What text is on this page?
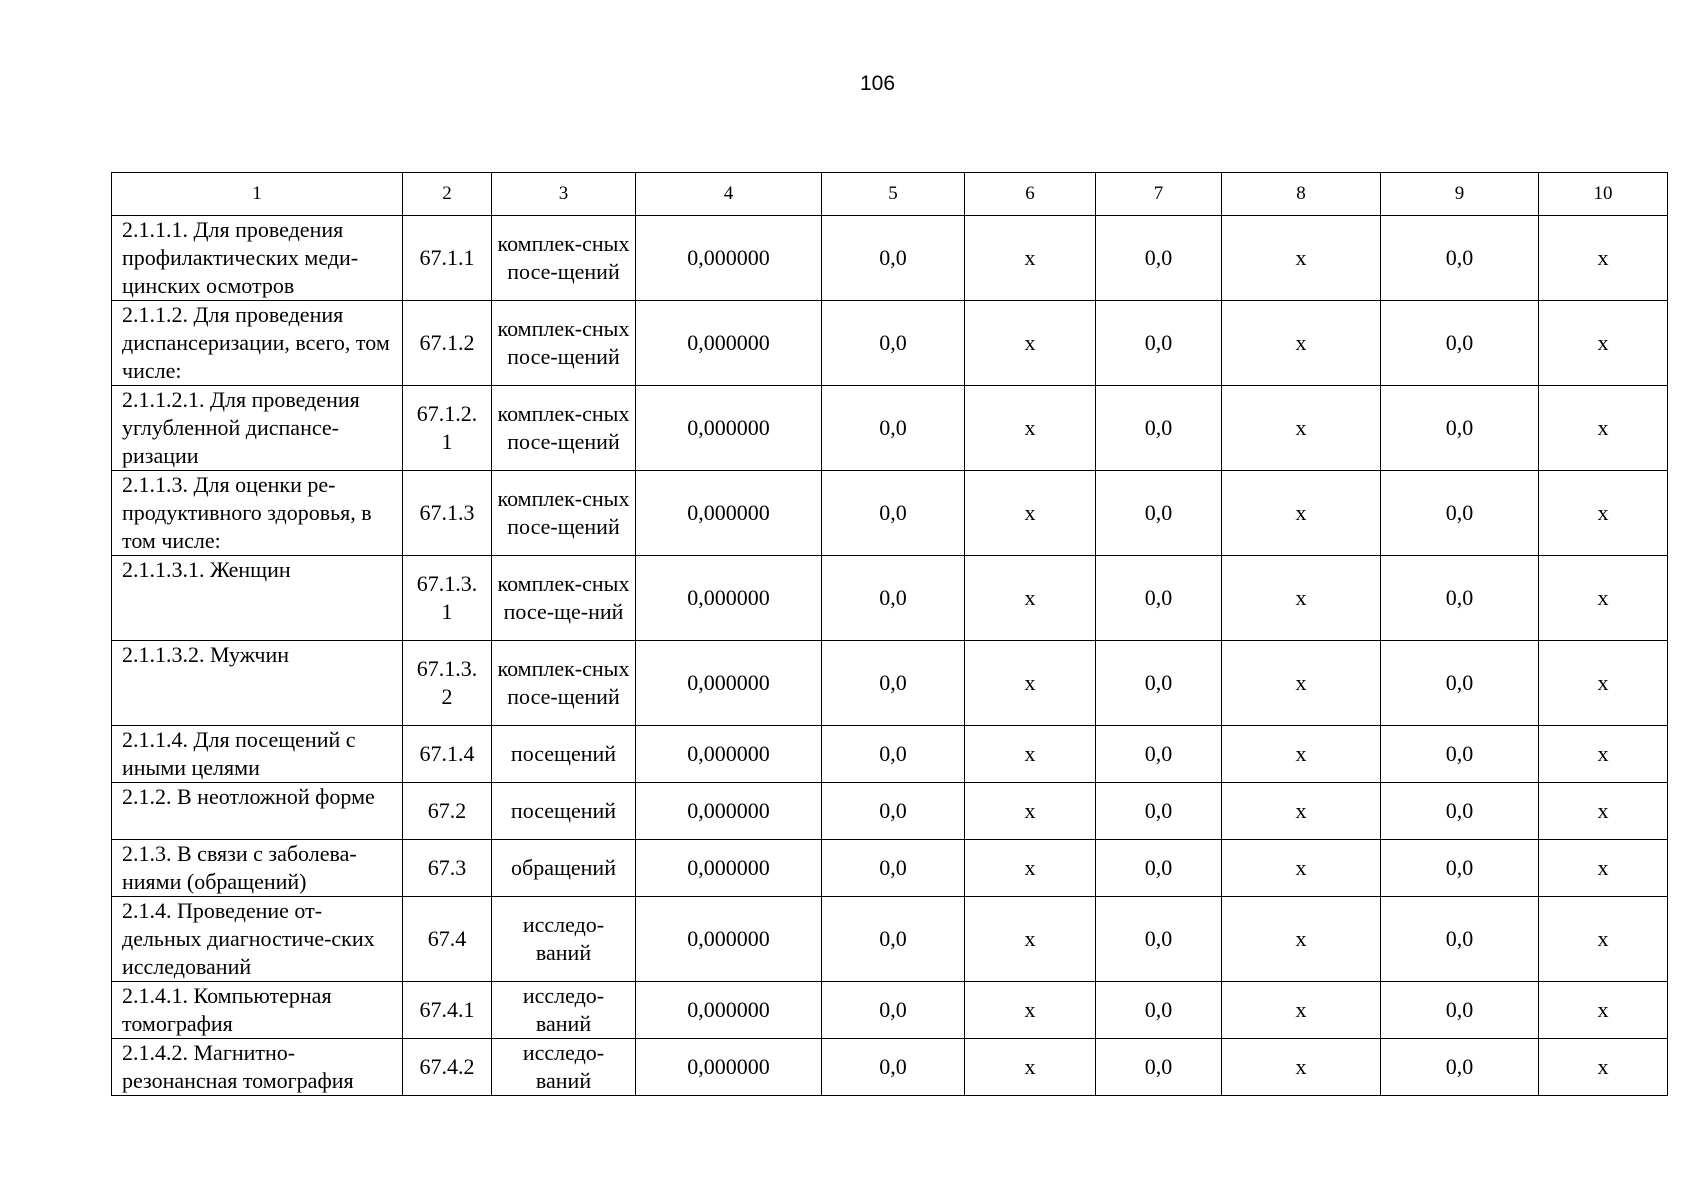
106
1	2	3	4	5	6	7	8	9	10
2.1.1.1. Для проведения профилактических меди-цинских осмотров	67.1.1	комплек-сных посе-щений	0,000000	0,0	х	0,0	х	0,0	х
2.1.1.2. Для проведения диспансеризации, всего, том числе:	67.1.2	комплек-сных посе-щений	0,000000	0,0	х	0,0	х	0,0	х
2.1.1.2.1. Для проведения углубленной диспансе-ризации	67.1.2. 1	комплек-сных посе-щений	0,000000	0,0	х	0,0	х	0,0	х
2.1.1.3. Для оценки ре-продуктивного здоровья, в том числе:	67.1.3	комплек-сных посе-щений	0,000000	0,0	х	0,0	х	0,0	х
2.1.1.3.1. Женщин	67.1.3. 1	комплек-сных посе-ще-ний	0,000000	0,0	х	0,0	х	0,0	х
2.1.1.3.2. Мужчин	67.1.3. 2	комплек-сных посе-щений	0,000000	0,0	х	0,0	х	0,0	х
2.1.1.4. Для посещений с иными целями	67.1.4	посещений	0,000000	0,0	х	0,0	х	0,0	х
2.1.2. В неотложной форме	67.2	посещений	0,000000	0,0	х	0,0	х	0,0	х
2.1.3. В связи с заболева-ниями (обращений)	67.3	обращений	0,000000	0,0	х	0,0	х	0,0	х
2.1.4. Проведение от-дельных диагностиче-ских исследований	67.4	исследо-ваний	0,000000	0,0	х	0,0	х	0,0	х
2.1.4.1. Компьютерная томография	67.4.1	исследо-ваний	0,000000	0,0	х	0,0	х	0,0	х
2.1.4.2. Магнитно-резонансная томография	67.4.2	исследо-ваний	0,000000	0,0	х	0,0	х	0,0	х
